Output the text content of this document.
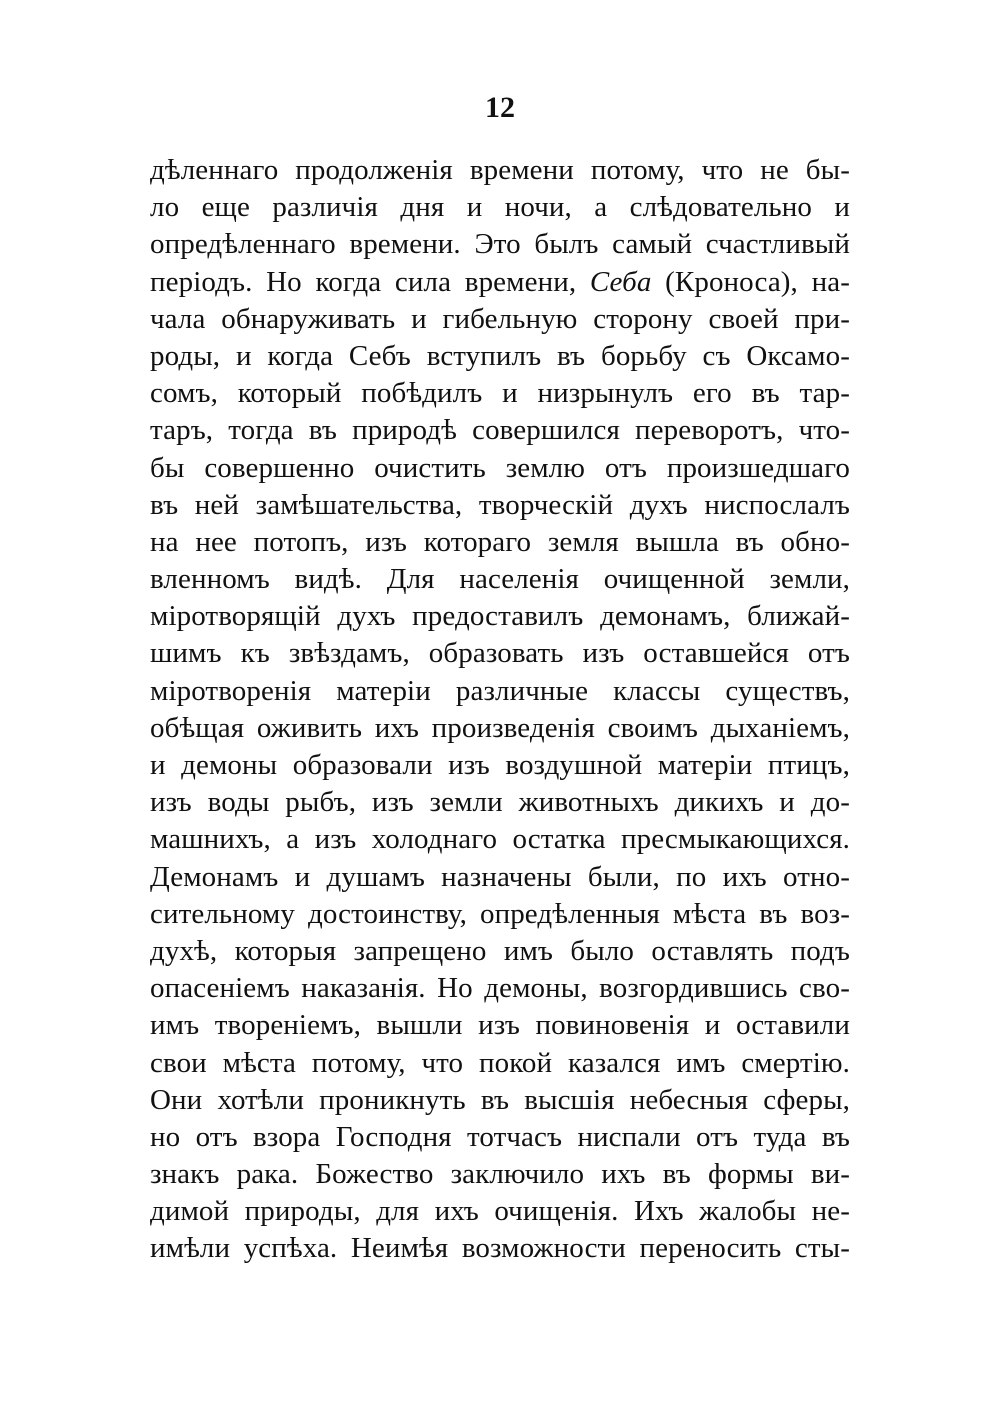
12
дѣленнаго продолженія времени потому, что не бы-
ло еще различія дня и ночи, а слѣдовательно и
опредѣленнаго времени. Это былъ самый счастливый
періодъ. Но когда сила времени, Себа (Кроноса), на-
чала обнаруживать и гибельную сторону своей при-
роды, и когда Себъ вступилъ въ борьбу съ Оксамо-
сомъ, который побѣдилъ и низрынулъ его въ тар-
таръ, тогда въ природѣ совершился переворотъ, что-
бы совершенно очистить землю отъ произшедшаго
въ ней замѣшательства, творческій духъ ниспослалъ
на нее потопъ, изъ котораго земля вышла въ обно-
вленномъ видѣ. Для населенія очищенной земли,
міротворящій духъ предоставилъ демонамъ, ближай-
шимъ къ звѣздамъ, образовать изъ оставшейся отъ
міротворенія матеріи различные классы существъ,
обѣщая оживить ихъ произведенія своимъ дыханіемъ,
и демоны образовали изъ воздушной матеріи птицъ,
изъ воды рыбъ, изъ земли животныхъ дикихъ и до-
машнихъ, а изъ холоднаго остатка пресмыкающихся.
Демонамъ и душамъ назначены были, по ихъ отно-
сительному достоинству, опредѣленныя мѣста въ воз-
духѣ, которыя запрещено имъ было оставлять подъ
опасеніемъ наказанія. Но демоны, возгордившись сво-
имъ твореніемъ, вышли изъ повиновенія и оставили
свои мѣста потому, что покой казался имъ смертію.
Они хотѣли проникнуть въ высшія небесныя сферы,
но отъ взора Господня тотчасъ ниспали отъ туда въ
знакъ рака. Божество заключило ихъ въ формы ви-
димой природы, для ихъ очищенія. Ихъ жалобы не-
имѣли успѣха. Неимѣя возможности переносить сты-
